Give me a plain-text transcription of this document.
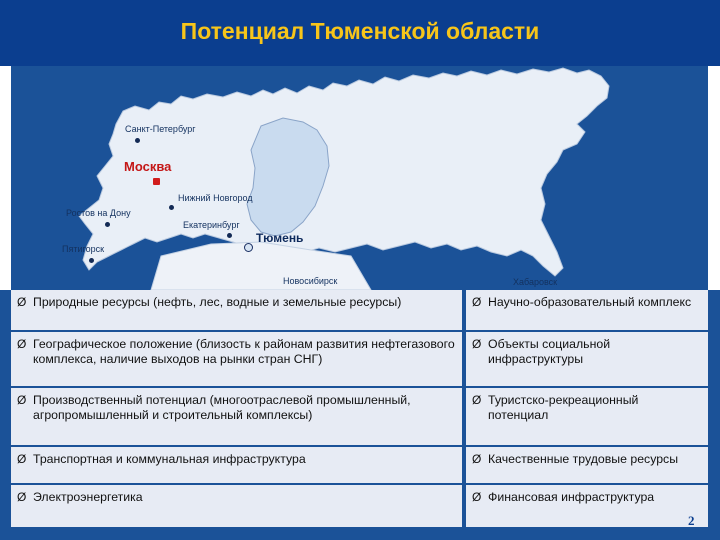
Потенциал Тюменской области
Санкт-Петербург
Москва
Нижний Новгород
Ростов на Дону
Екатеринбург
Тюмень
Пятигорск
Новосибирск	Хабаровск
Ø Природные ресурсы (нефть, лес, водные и земельные ресурсы)
Ø Географическое положение (близость к районам развития нефтегазового комплекса, наличие выходов на рынки стран СНГ)
Ø Производственный потенциал (многоотраслевой промышленный, агропромышленный и строительный комплексы)
Ø Транспортная и коммунальная инфраструктура
Ø Электроэнергетика
Ø Научно-образовательный комплекс
Ø Объекты социальной инфраструктуры
Ø Туристско-рекреационный потенциал
Ø Качественные трудовые ресурсы
Ø Финансовая инфраструктура
2
